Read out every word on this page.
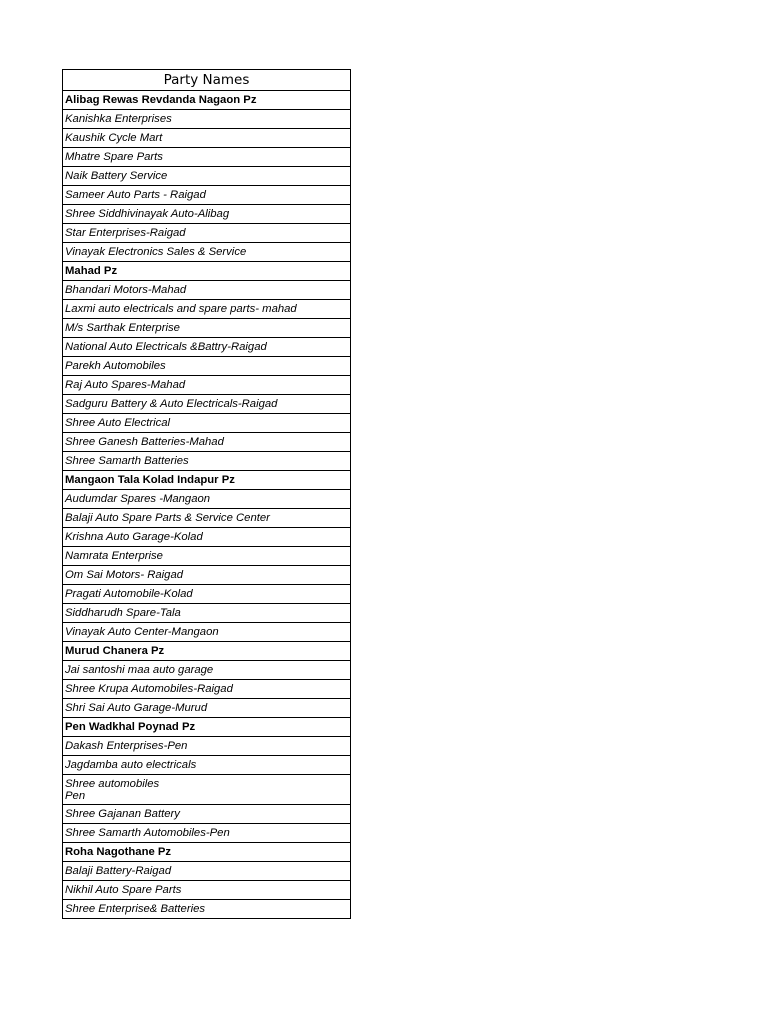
Party Names
Alibag Rewas Revdanda Nagaon Pz
Kanishka Enterprises
Kaushik Cycle Mart
Mhatre Spare Parts
Naik Battery Service
Sameer Auto Parts - Raigad
Shree Siddhivinayak Auto-Alibag
Star Enterprises-Raigad
Vinayak Electronics Sales & Service
Mahad Pz
Bhandari Motors-Mahad
Laxmi auto electricals and spare parts- mahad
M/s Sarthak Enterprise
National Auto Electricals &Battry-Raigad
Parekh Automobiles
Raj Auto Spares-Mahad
Sadguru Battery & Auto Electricals-Raigad
Shree Auto Electrical
Shree Ganesh Batteries-Mahad
Shree Samarth Batteries
Mangaon Tala Kolad Indapur Pz
Audumdar Spares -Mangaon
Balaji Auto Spare Parts & Service Center
Krishna Auto Garage-Kolad
Namrata Enterprise
Om Sai Motors- Raigad
Pragati Automobile-Kolad
Siddharudh Spare-Tala
Vinayak Auto Center-Mangaon
Murud Chanera Pz
Jai santoshi maa auto garage
Shree Krupa Automobiles-Raigad
Shri Sai Auto Garage-Murud
Pen Wadkhal Poynad Pz
Dakash Enterprises-Pen
Jagdamba auto electricals
Shree automobiles
Pen
Shree Gajanan Battery
Shree Samarth Automobiles-Pen
Roha Nagothane Pz
Balaji Battery-Raigad
Nikhil Auto Spare Parts
Shree Enterprise& Batteries
